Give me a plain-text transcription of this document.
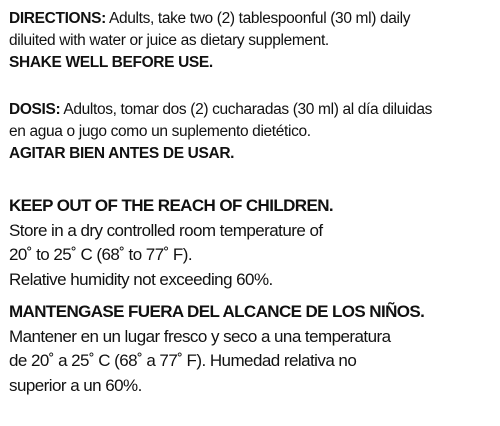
DIRECTIONS: Adults, take two (2) tablespoonful (30 ml) daily
diluited with water or juice as dietary supplement.
SHAKE WELL BEFORE USE.
DOSIS: Adultos, tomar dos (2) cucharadas (30 ml) al día diluidas
en agua o jugo como un suplemento dietético.
AGITAR BIEN ANTES DE USAR.
KEEP OUT OF THE REACH OF CHILDREN.
Store in a dry controlled room temperature of
20˚ to 25˚ C (68˚ to 77˚ F).
Relative humidity not exceeding 60%.
MANTENGASE FUERA DEL ALCANCE DE LOS NIÑOS.
Mantener en un lugar fresco y seco a una temperatura
de 20˚ a 25˚ C (68˚ a 77˚ F). Humedad relativa no
superior a un 60%.
